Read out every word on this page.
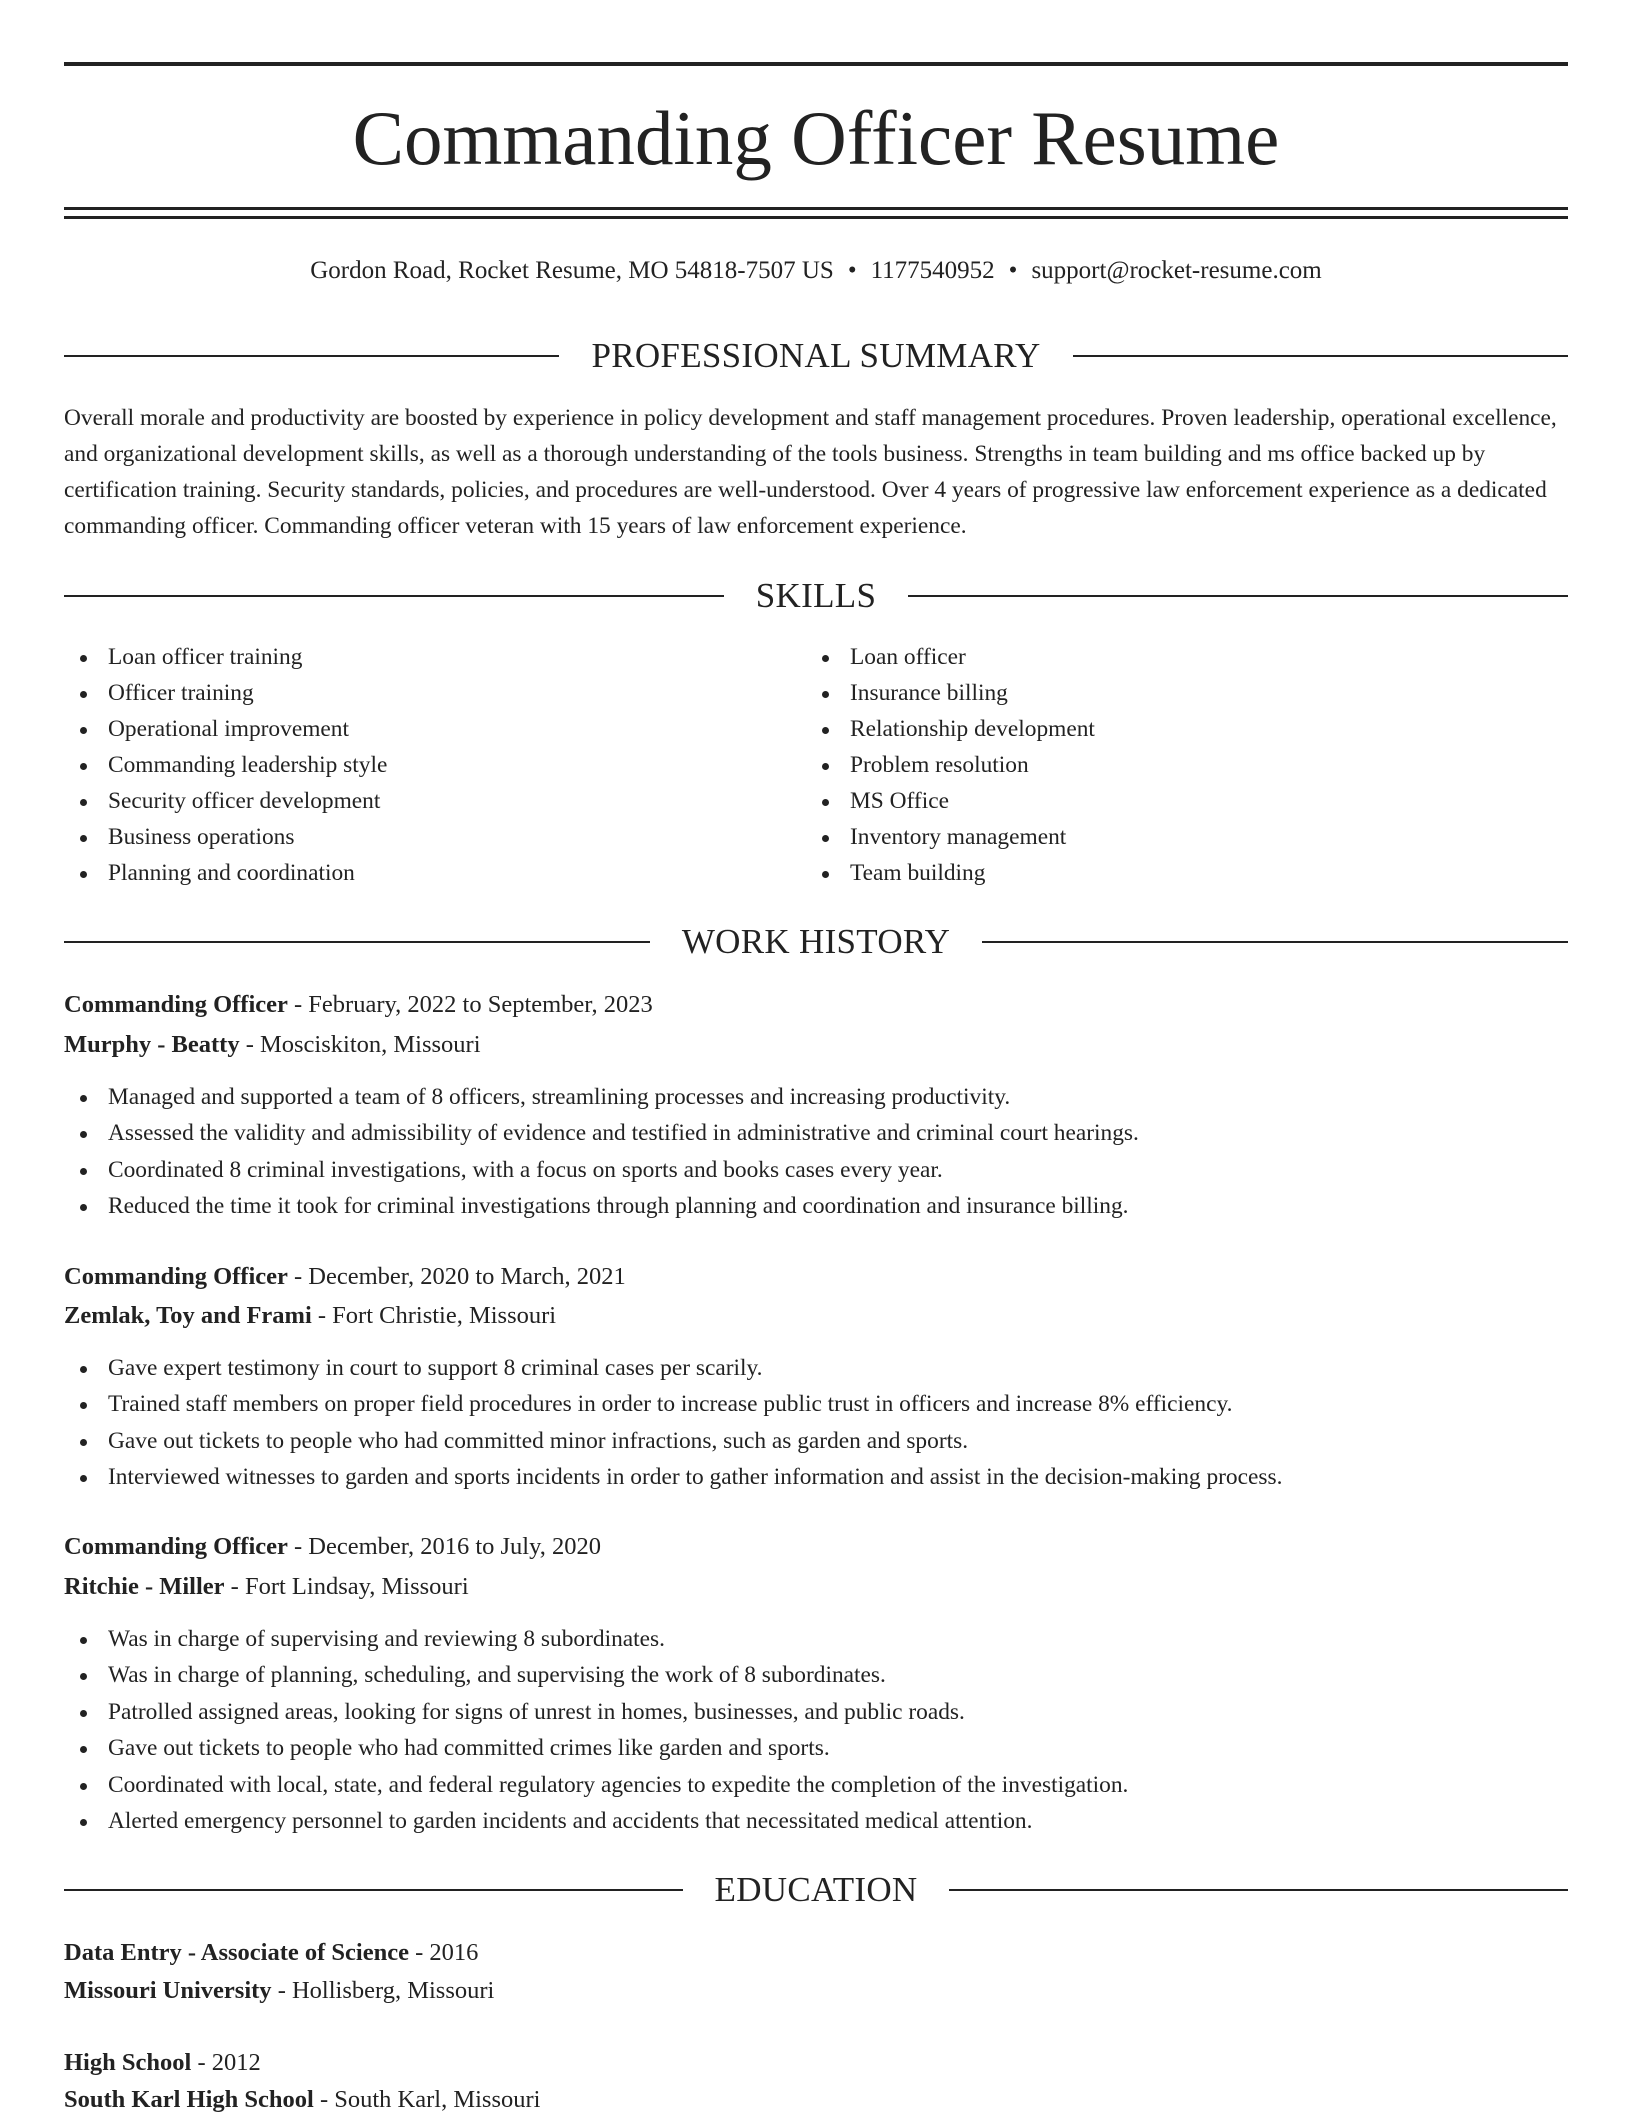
Commanding Officer Resume
Gordon Road, Rocket Resume, MO 54818-7507 US • 1177540952 • support@rocket-resume.com
PROFESSIONAL SUMMARY
Overall morale and productivity are boosted by experience in policy development and staff management procedures. Proven leadership, operational excellence, and organizational development skills, as well as a thorough understanding of the tools business. Strengths in team building and ms office backed up by certification training. Security standards, policies, and procedures are well-understood. Over 4 years of progressive law enforcement experience as a dedicated commanding officer. Commanding officer veteran with 15 years of law enforcement experience.
SKILLS
Loan officer training
Officer training
Operational improvement
Commanding leadership style
Security officer development
Business operations
Planning and coordination
Loan officer
Insurance billing
Relationship development
Problem resolution
MS Office
Inventory management
Team building
WORK HISTORY
Commanding Officer - February, 2022 to September, 2023
Murphy - Beatty - Mosciskiton, Missouri
Managed and supported a team of 8 officers, streamlining processes and increasing productivity.
Assessed the validity and admissibility of evidence and testified in administrative and criminal court hearings.
Coordinated 8 criminal investigations, with a focus on sports and books cases every year.
Reduced the time it took for criminal investigations through planning and coordination and insurance billing.
Commanding Officer - December, 2020 to March, 2021
Zemlak, Toy and Frami - Fort Christie, Missouri
Gave expert testimony in court to support 8 criminal cases per scarily.
Trained staff members on proper field procedures in order to increase public trust in officers and increase 8% efficiency.
Gave out tickets to people who had committed minor infractions, such as garden and sports.
Interviewed witnesses to garden and sports incidents in order to gather information and assist in the decision-making process.
Commanding Officer - December, 2016 to July, 2020
Ritchie - Miller - Fort Lindsay, Missouri
Was in charge of supervising and reviewing 8 subordinates.
Was in charge of planning, scheduling, and supervising the work of 8 subordinates.
Patrolled assigned areas, looking for signs of unrest in homes, businesses, and public roads.
Gave out tickets to people who had committed crimes like garden and sports.
Coordinated with local, state, and federal regulatory agencies to expedite the completion of the investigation.
Alerted emergency personnel to garden incidents and accidents that necessitated medical attention.
EDUCATION
Data Entry - Associate of Science - 2016
Missouri University - Hollisberg, Missouri
High School - 2012
South Karl High School - South Karl, Missouri
